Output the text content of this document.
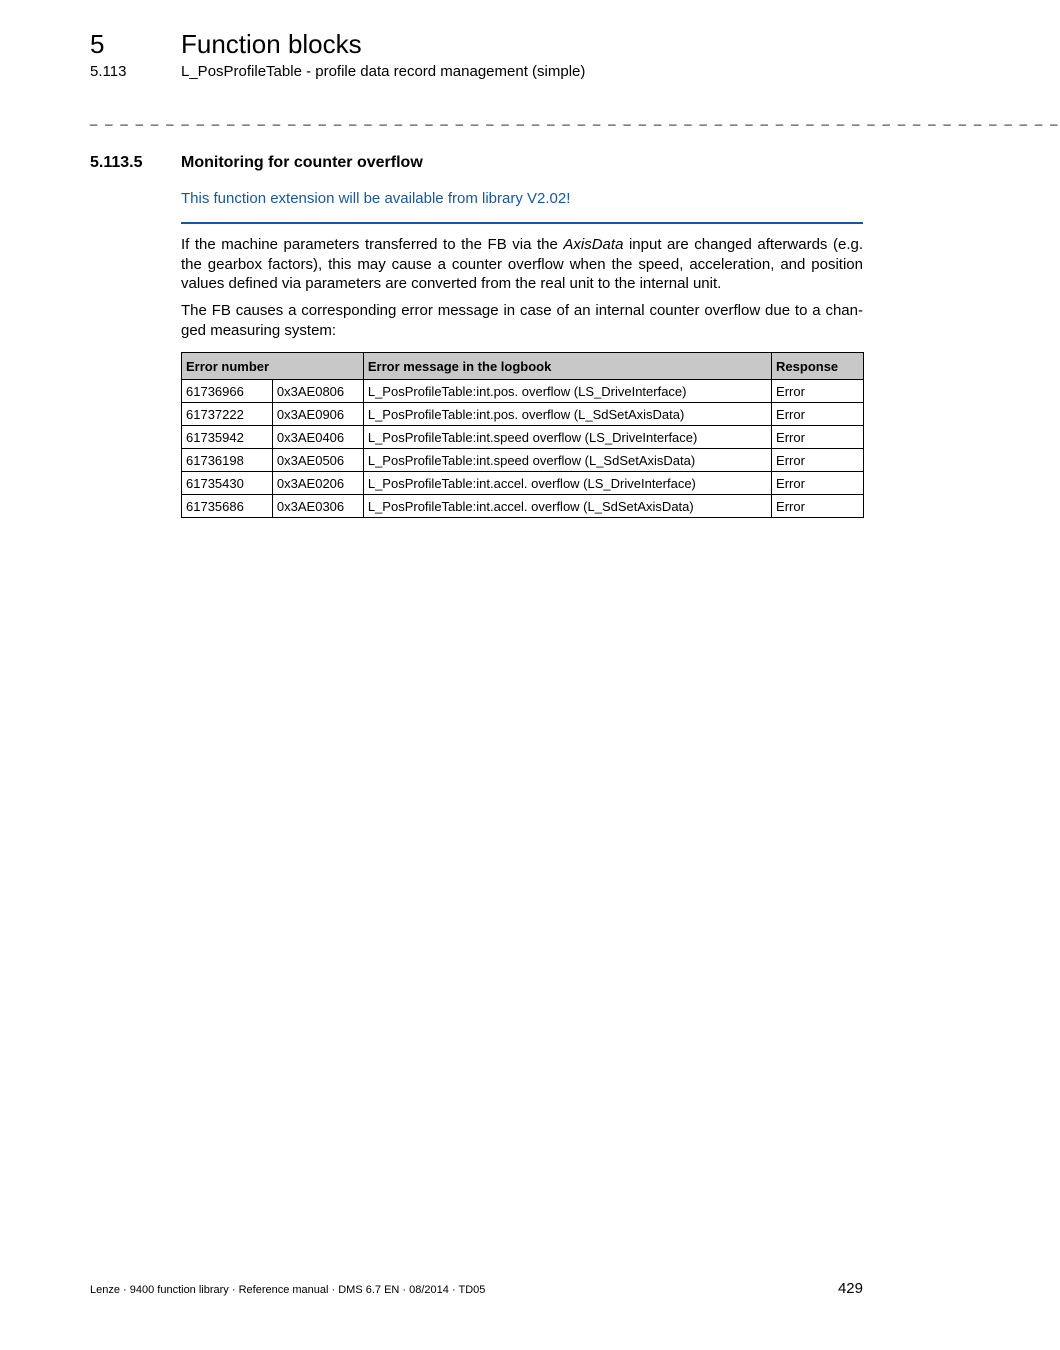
5	Function blocks
5.113	L_PosProfileTable - profile data record management (simple)
_ _ _ _ _ _ _ _ _ _ _ _ _ _ _ _ _ _ _ _ _ _ _ _ _ _ _ _ _ _ _ _ _ _ _ _ _ _ _ _ _ _ _ _ _ _ _ _ _ _ _ _ _ _ _ _ _ _ _ _ _ _ _ _
5.113.5 Monitoring for counter overflow
This function extension will be available from library V2.02!
If the machine parameters transferred to the FB via the AxisData input are changed afterwards (e.g. the gearbox factors), this may cause a counter overflow when the speed, acceleration, and position values defined via parameters are converted from the real unit to the internal unit.
The FB causes a corresponding error message in case of an internal counter overflow due to a chan-ged measuring system:
Error number		Error message in the logbook	Response
61736966	0x3AE0806	L_PosProfileTable:int.pos. overflow (LS_DriveInterface)	Error
61737222	0x3AE0906	L_PosProfileTable:int.pos. overflow (L_SdSetAxisData)	Error
61735942	0x3AE0406	L_PosProfileTable:int.speed overflow (LS_DriveInterface)	Error
61736198	0x3AE0506	L_PosProfileTable:int.speed overflow (L_SdSetAxisData)	Error
61735430	0x3AE0206	L_PosProfileTable:int.accel. overflow (LS_DriveInterface)	Error
61735686	0x3AE0306	L_PosProfileTable:int.accel. overflow (L_SdSetAxisData)	Error
Lenze · 9400 function library · Reference manual · DMS 6.7 EN · 08/2014 · TD05	429
